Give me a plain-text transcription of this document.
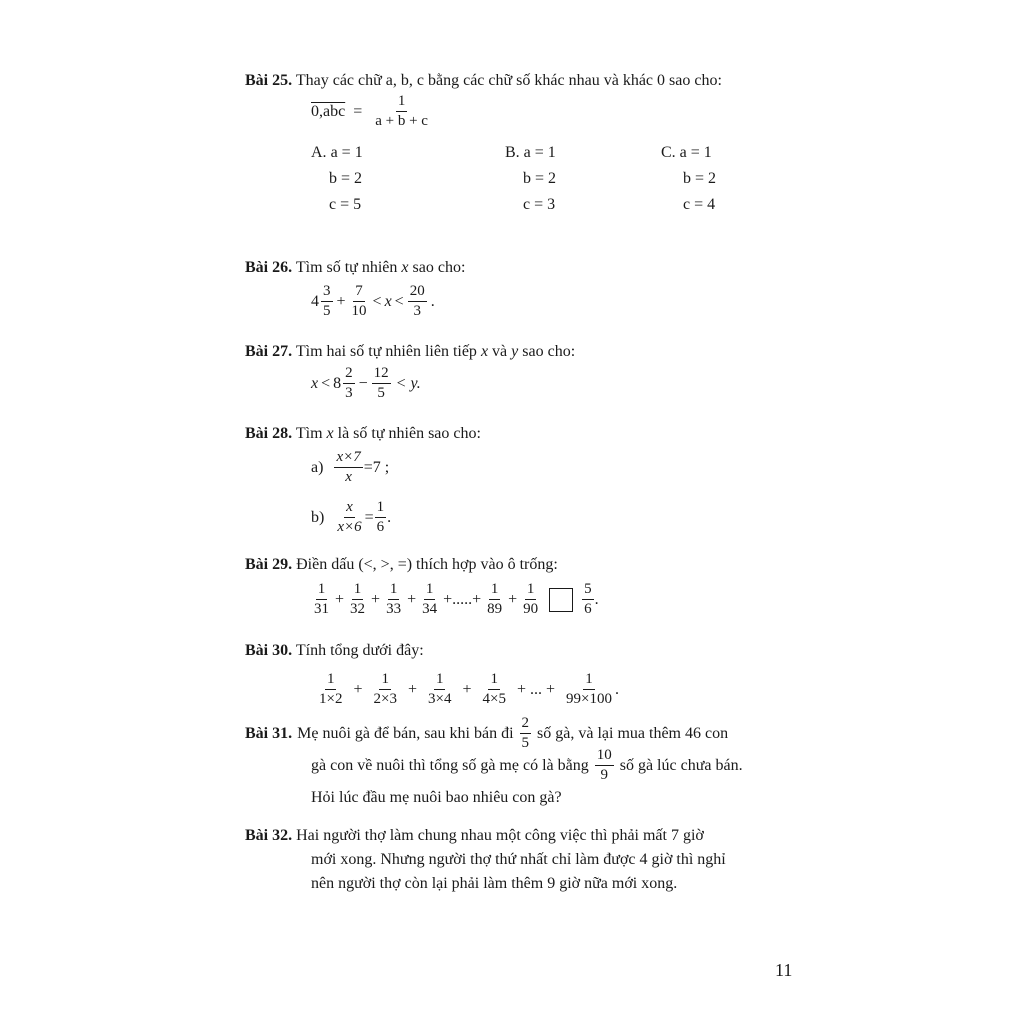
Bài 25. Thay các chữ a, b, c bằng các chữ số khác nhau và khác 0 sao cho:
$0,abc = \frac{1}{a + b + c}$
A. a = 1
b = 2
c = 5
B. a = 1
b = 2
c = 3
C. a = 1
b = 2
c = 4
Bài 26. Tìm số tự nhiên x sao cho:
$4 \frac{3}{5} + \frac{7}{10} < x < \frac{20}{3}$ .
Bài 27. Tìm hai số tự nhiên liên tiếp x và y sao cho:
$x < 8 \frac{2}{3} - \frac{12}{5} < y$.
Bài 28. Tìm x là số tự nhiên sao cho:
$a) \frac{x\times 7}{x} =7$ ;
$b) \frac{x}{x\times 6} = \frac{1}{6}$ .
Bài 29. Điền dấu (<, >, =) thích hợp vào ô trống:
$\frac{1}{31} + \frac{1}{32} + \frac{1}{33} + \frac{1}{34}$ +.....+ $\frac{1}{89} + \frac{1}{90}$	$\frac{5}{6}$ .
Bài 30. Tính tổng dưới đây:
$\frac{1}{1\times 2} + \frac{1}{2\times 3} + \frac{1}{3\times 4} + \frac{1}{4\times 5}$ + ... + $\frac{1}{99\times 100}$ .
Bài 31. Mẹ nuôi gà để bán, sau khi bán đi $\frac{2}{5}$ số gà, và lại mua thêm 46 con
gà con về nuôi thì tổng số gà mẹ có là bằng $\frac{10}{9}$ số gà lúc chưa bán.
Hỏi lúc đầu mẹ nuôi bao nhiêu con gà?
Bài 32. Hai người thợ làm chung nhau một công việc thì phải mất 7 giờ
mới xong. Nhưng người thợ thứ nhất chỉ làm được 4 giờ thì nghỉ
nên người thợ còn lại phải làm thêm 9 giờ nữa mới xong.
11
